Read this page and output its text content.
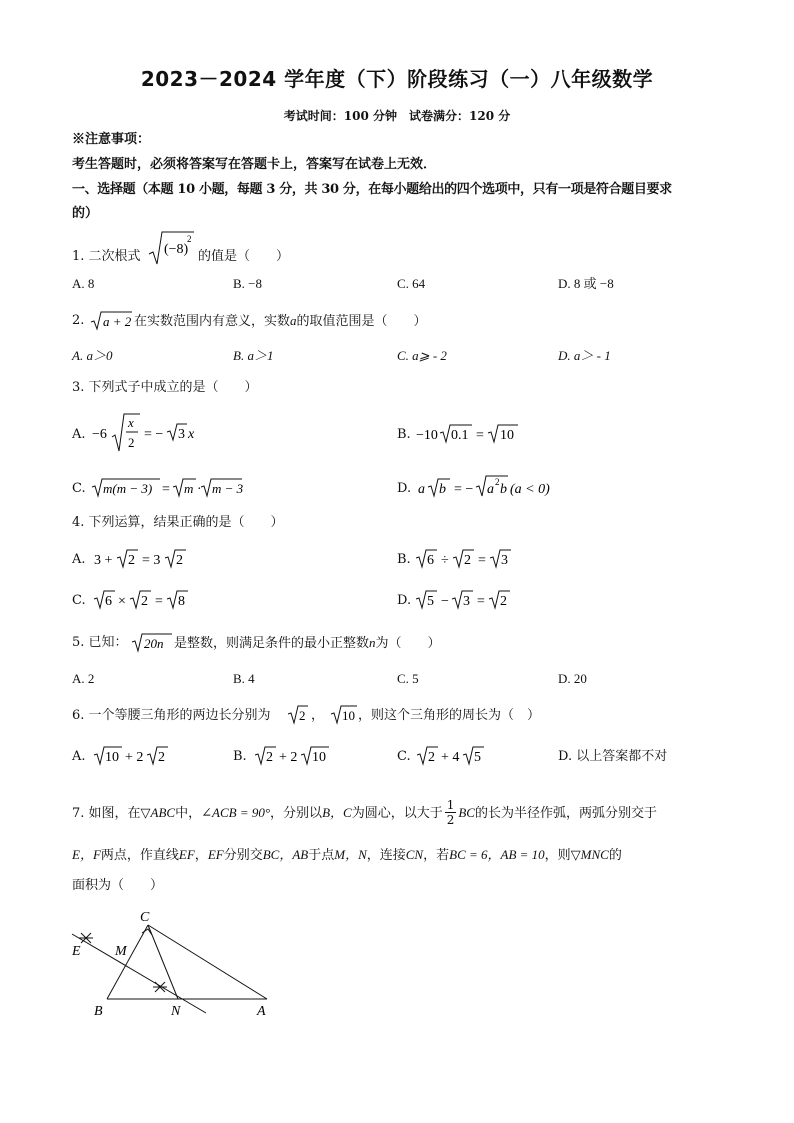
2023－2024 学年度（下）阶段练习（一）八年级数学
考试时间：100 分钟　试卷满分：120 分
※注意事项：
考生答题时，必须将答案写在答题卡上，答案写在试卷上无效．
一、选择题（本题 10 小题，每题 3 分，共 30 分，在每小题给出的四个选项中，只有一项是符合题目要求
的）
1. 二次根式 (−8)
2
的值是（　　）
A. 8	B. −8	C. 64	D. 8 或 −8
2. a + 2 在实数范围内有意义，实数a的取值范围是（　　）
A. a＞0	B. a＞1	C. a⩾ - 2	D. a＞ - 1
3. 下列式子中成立的是（　　）
A. −6
x
2
= − 3 x	B. −10 0.1 = 10
C. m(m − 3) = m · m − 3	D. a b = − a 2 b (a < 0)
4. 下列运算，结果正确的是（　　）
A. 3 + 2 = 3 2	B. 6 ÷ 2 = 3
C. 6 × 2 = 8	D. 5 − 3 = 2
5. 已知： 20n 是整数，则满足条件的最小正整数n为（　　）
A. 2	B. 4	C. 5	D. 20
6. 一个等腰三角形的两边长分别为 2 ， 10 ，则这个三角形的周长为（　）
A. 10 + 2 2	B. 2 + 2 10	C. 2 + 4 5	D. 以上答案都不对
7. 如图，在▽ABC中，∠ACB = 90°，分别以B，C为圆心，以大于 $\frac{1}{2}$ BC的长为半径作弧，两弧分别交于
E，F两点，作直线EF，EF分别交BC，AB于点M，N，连接CN，若BC = 6，AB = 10，则▽MNC的
面积为（　　）
C
E M
B	N	A
